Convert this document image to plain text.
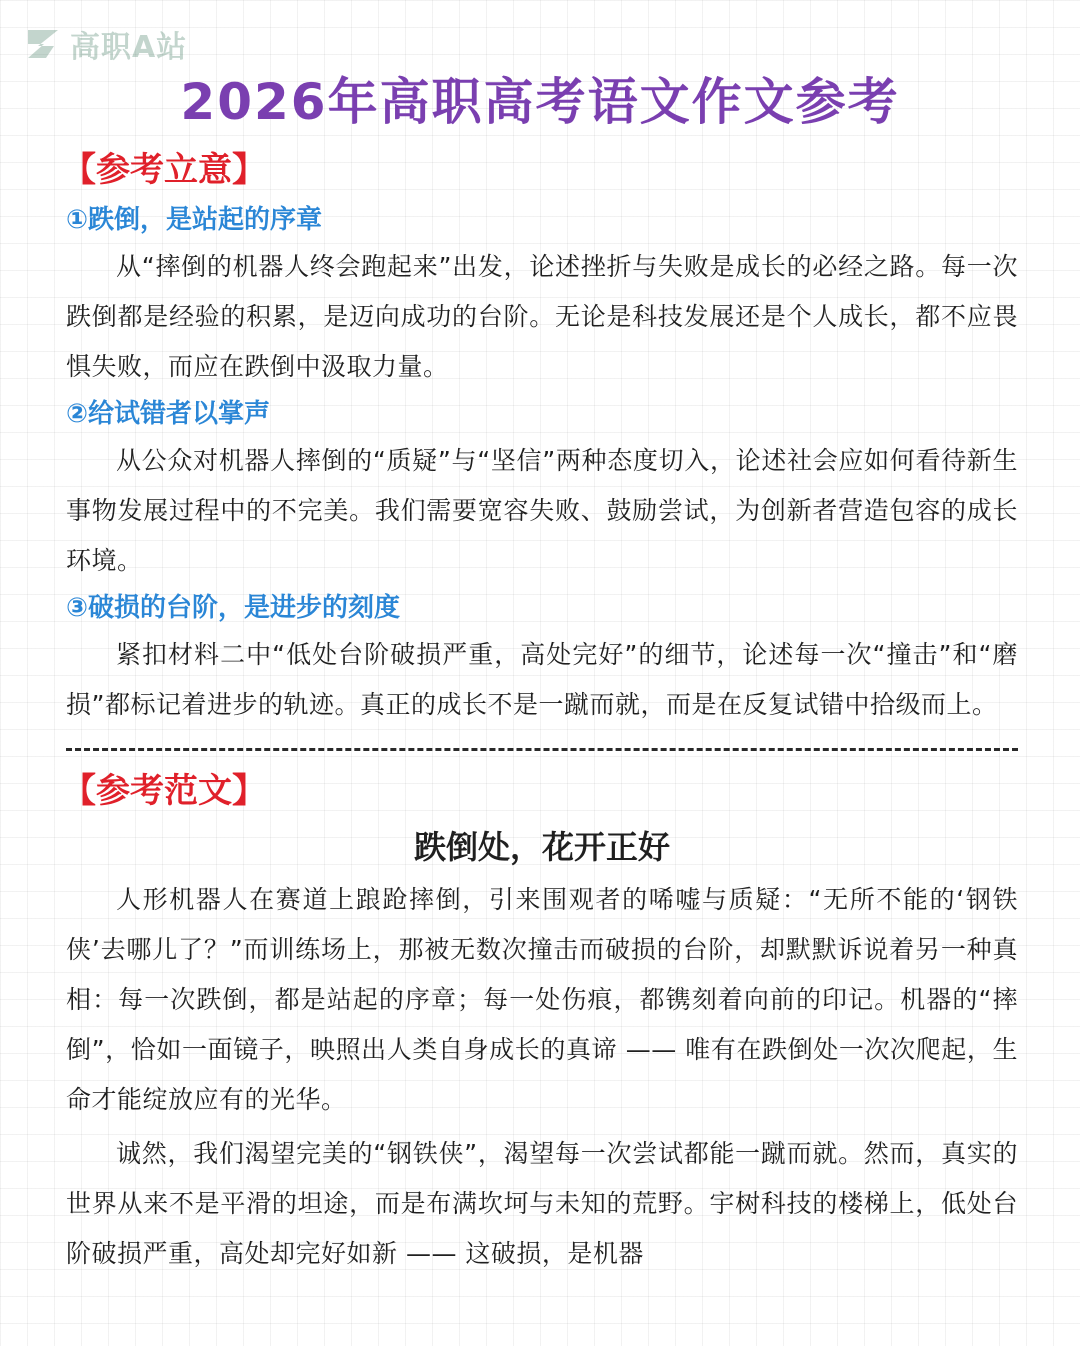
高职A站
2026年高职高考语文作文参考
【参考立意】
①跌倒，是站起的序章

从“摔倒的机器人终会跑起来”出发，论述挫折与失败是成长的必经之路。每一次跌倒都是经验的积累，是迈向成功的台阶。无论是科技发展还是个人成长，都不应畏惧失败，而应在跌倒中汲取力量。

②给试错者以掌声

从公众对机器人摔倒的“质疑”与“坚信”两种态度切入，论述社会应如何看待新生事物发展过程中的不完美。我们需要宽容失败、鼓励尝试，为创新者营造包容的成长环境。

③破损的台阶，是进步的刻度

紧扣材料二中“低处台阶破损严重，高处完好”的细节，论述每一次“撞击”和“磨损”都标记着进步的轨迹。真正的成长不是一蹴而就，而是在反复试错中拾级而上。

【参考范文】
跌倒处，花开正好

人形机器人在赛道上踉跄摔倒，引来围观者的唏嘘与质疑：“无所不能的‘钢铁侠’去哪儿了？”而训练场上，那被无数次撞击而破损的台阶，却默默诉说着另一种真相：每一次跌倒，都是站起的序章；每一处伤痕，都镌刻着向前的印记。机器的“摔倒”，恰如一面镜子，映照出人类自身成长的真谛 —— 唯有在跌倒处一次次爬起，生命才能绽放应有的光华。

诚然，我们渴望完美的“钢铁侠”，渴望每一次尝试都能一蹴而就。然而，真实的世界从来不是平滑的坦途，而是布满坎坷与未知的荒野。宇树科技的楼梯上，低处台阶破损严重，高处却完好如新 —— 这破损，是机器
